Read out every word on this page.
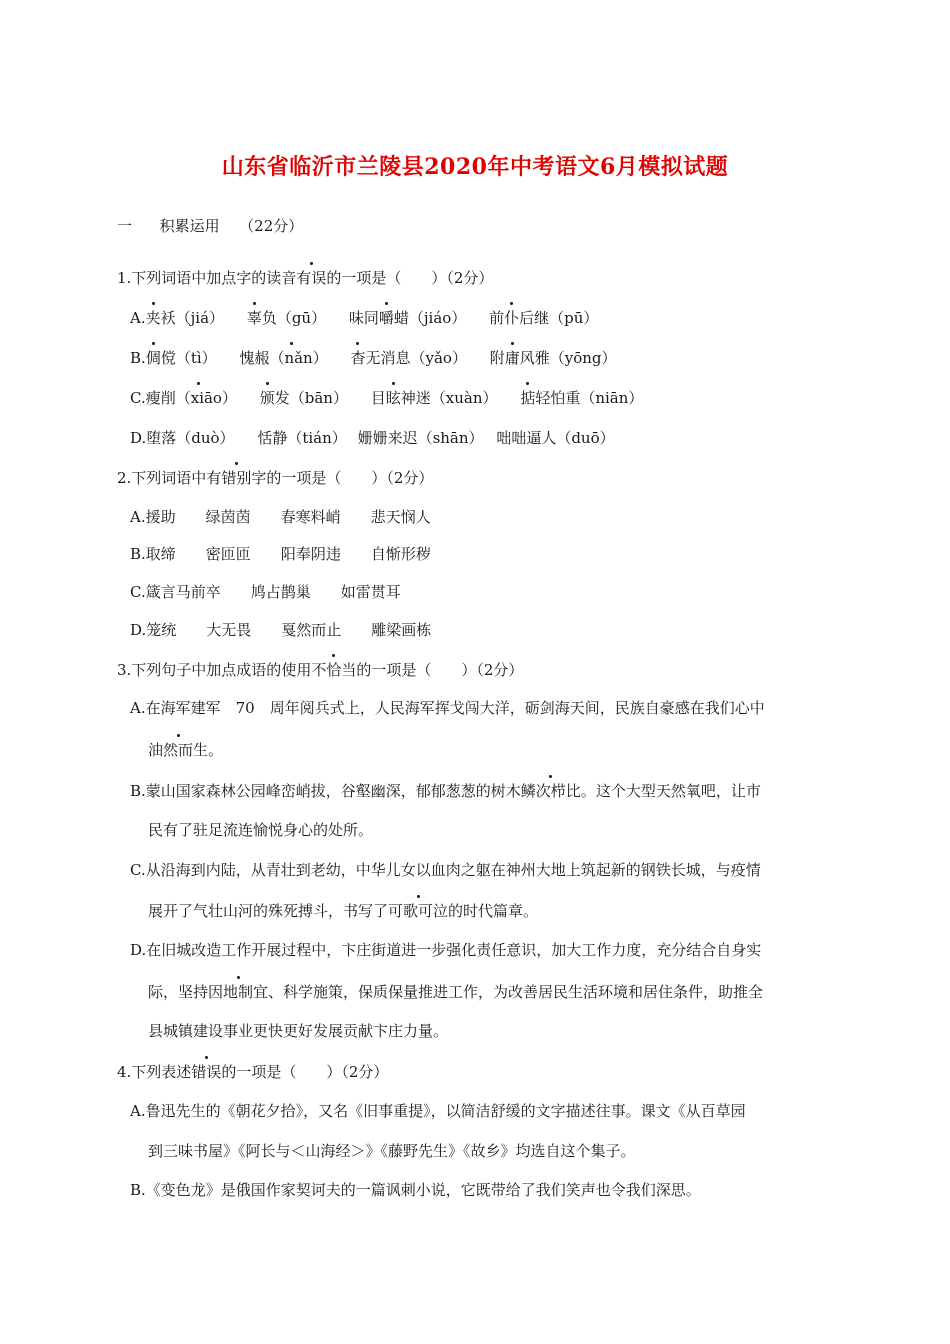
山东省临沂市兰陵县2020年中考语文6月模拟试题
一 积累运用 （22分）
1.下列词语中加点字的读音有误的一项是（　　）（2分）
A.夹袄（jiá） 辜负（gū） 味同嚼蜡（jiáo） 前仆后继（pū）
B.倜傥（tì） 愧赧（nǎn） 杳无消息（yǎo） 附庸风雅（yōng）
C.瘦削（xiāo） 颁发（bān） 目眩神迷（xuàn） 掂轻怕重（niān）
D.堕落（duò） 恬静（tián） 姗姗来迟（shān） 咄咄逼人（duō）
2.下列词语中有错别字的一项是（　　）（2分）
A.援助 绿茵茵 春寒料峭 悲天悯人
B.取缔 密匝匝 阳奉阴违 自惭形秽
C.箴言马前卒 鸠占鹊巢 如雷贯耳
D.笼统 大无畏 戛然而止 雕梁画栋
3.下列句子中加点成语的使用不恰当的一项是（　　）（2分）
A.在海军建军　70　周年阅兵式上，人民海军挥戈闯大洋，砺剑海天间，民族自豪感在我们心中
油然而生。
B.蒙山国家森林公园峰峦峭拔，谷壑幽深，郁郁葱葱的树木鳞次栉比。这个大型天然氧吧，让市
民有了驻足流连愉悦身心的处所。
C.从沿海到内陆，从青壮到老幼，中华儿女以血肉之躯在神州大地上筑起新的钢铁长城，与疫情
展开了气壮山河的殊死搏斗，书写了可歌可泣的时代篇章。
D.在旧城改造工作开展过程中，卞庄街道进一步强化责任意识，加大工作力度，充分结合自身实
际，坚持因地制宜、科学施策，保质保量推进工作，为改善居民生活环境和居住条件，助推全
县城镇建设事业更快更好发展贡献卞庄力量。
4.下列表述错误的一项是（　　）（2分）
A.鲁迅先生的《朝花夕拾》，又名《旧事重提》，以简洁舒缓的文字描述往事。课文《从百草园
到三味书屋》《阿长与＜山海经＞》《藤野先生》《故乡》均选自这个集子。
B.《变色龙》是俄国作家契诃夫的一篇讽刺小说，它既带给了我们笑声也令我们深思。
